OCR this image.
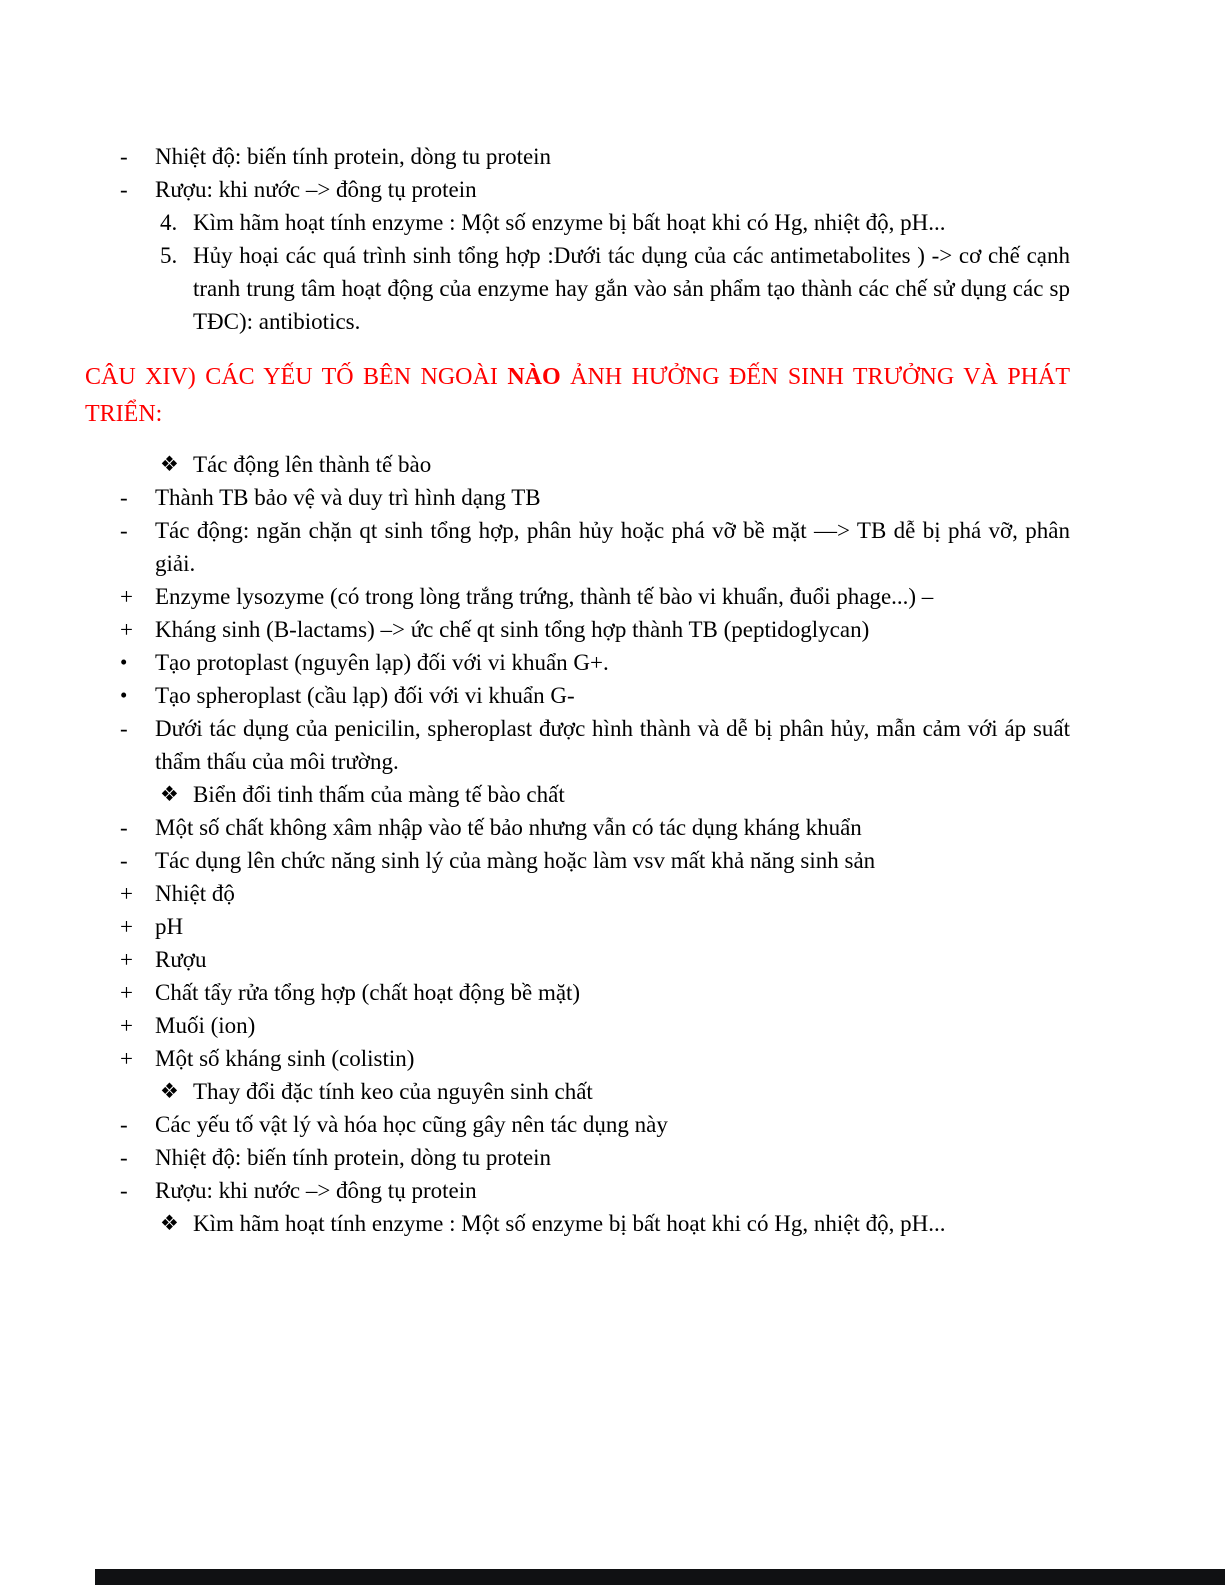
-	Nhiệt độ: biến tính protein, dòng tu protein
-	Rượu: khi nước –> đông tụ protein
4. Kìm hãm hoạt tính enzyme : Một số enzyme bị bất hoạt khi có Hg, nhiệt độ, pH...
5. Hủy hoại các quá trình sinh tổng hợp :Dưới tác dụng của các antimetabolites ) -> cơ chế cạnh tranh trung tâm hoạt động của enzyme hay gắn vào sản phẩm tạo thành các chế sử dụng các sp TĐC): antibiotics.
CÂU XIV) CÁC YẾU TỐ BÊN NGOÀI NÀO ẢNH HƯỞNG ĐẾN SINH TRƯỞNG VÀ PHÁT TRIỂN:
❖ Tác động lên thành tế bào
-	Thành TB bảo vệ và duy trì hình dạng TB
-	Tác động: ngăn chặn qt sinh tổng hợp, phân hủy hoặc phá vỡ bề mặt —> TB dễ bị phá vỡ, phân giải.
+ Enzyme lysozyme (có trong lòng trắng trứng, thành tế bào vi khuẩn, đuổi phage...) –
+ Kháng sinh (B-lactams) –> ức chế qt sinh tổng hợp thành TB (peptidoglycan)
•	Tạo protoplast (nguyên lạp) đối với vi khuẩn G+.
•	Tạo spheroplast (cầu lạp) đối với vi khuẩn G-
-	Dưới tác dụng của penicilin, spheroplast được hình thành và dễ bị phân hủy, mẫn cảm với áp suất thẩm thấu của môi trường.
❖ Biển đổi tinh thấm của màng tế bào chất
-	Một số chất không xâm nhập vào tế bảo nhưng vẫn có tác dụng kháng khuẩn
-	Tác dụng lên chức năng sinh lý của màng hoặc làm vsv mất khả năng sinh sản
+ Nhiệt độ
+ pH
+ Rượu
+ Chất tẩy rửa tổng hợp (chất hoạt động bề mặt)
+ Muối (ion)
+ Một số kháng sinh (colistin)
❖ Thay đổi đặc tính keo của nguyên sinh chất
-	Các yếu tố vật lý và hóa học cũng gây nên tác dụng này
-	Nhiệt độ: biến tính protein, dòng tu protein
-	Rượu: khi nước –> đông tụ protein
❖ Kìm hãm hoạt tính enzyme : Một số enzyme bị bất hoạt khi có Hg, nhiệt độ, pH...
